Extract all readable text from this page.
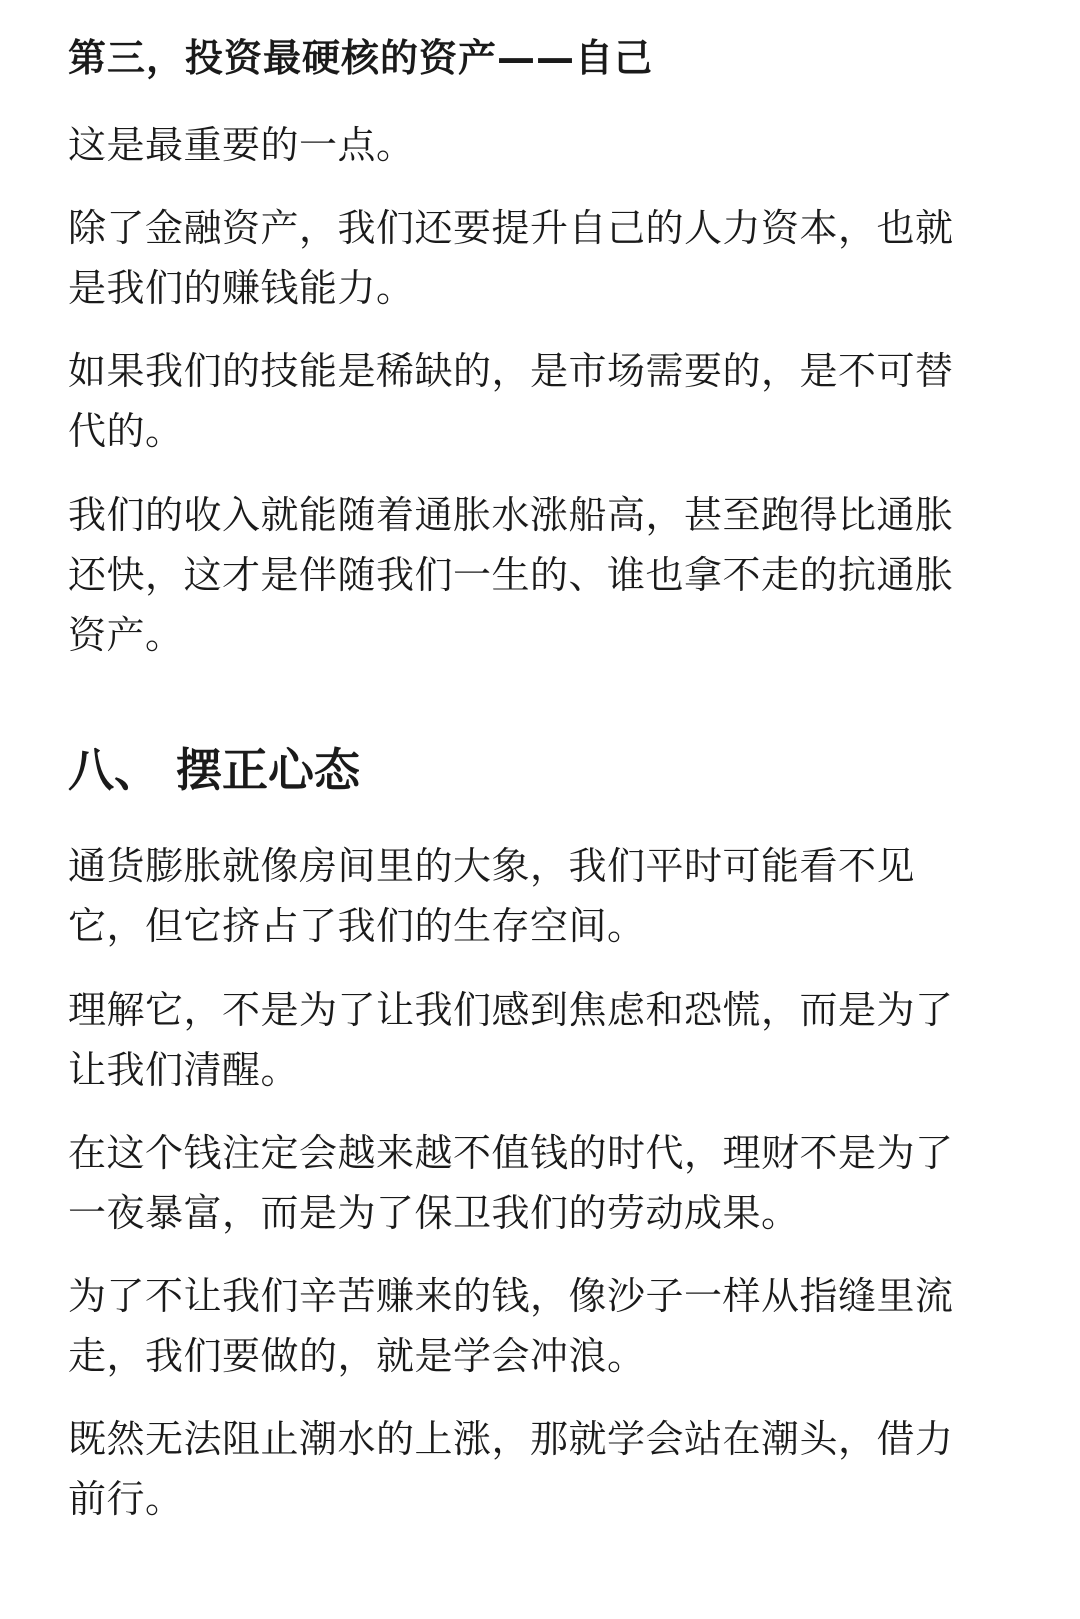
第三，投资最硬核的资产——自己

这是最重要的一点。

除了金融资产，我们还要提升自己的人力资本，也就是我们的赚钱能力。

如果我们的技能是稀缺的，是市场需要的，是不可替代的。

我们的收入就能随着通胀水涨船高，甚至跑得比通胀还快，这才是伴随我们一生的、谁也拿不走的抗通胀资产。

八、 摆正心态

通货膨胀就像房间里的大象，我们平时可能看不见它，但它挤占了我们的生存空间。

理解它，不是为了让我们感到焦虑和恐慌，而是为了让我们清醒。

在这个钱注定会越来越不值钱的时代，理财不是为了一夜暴富，而是为了保卫我们的劳动成果。

为了不让我们辛苦赚来的钱，像沙子一样从指缝里流走，我们要做的，就是学会冲浪。

既然无法阻止潮水的上涨，那就学会站在潮头，借力前行。
